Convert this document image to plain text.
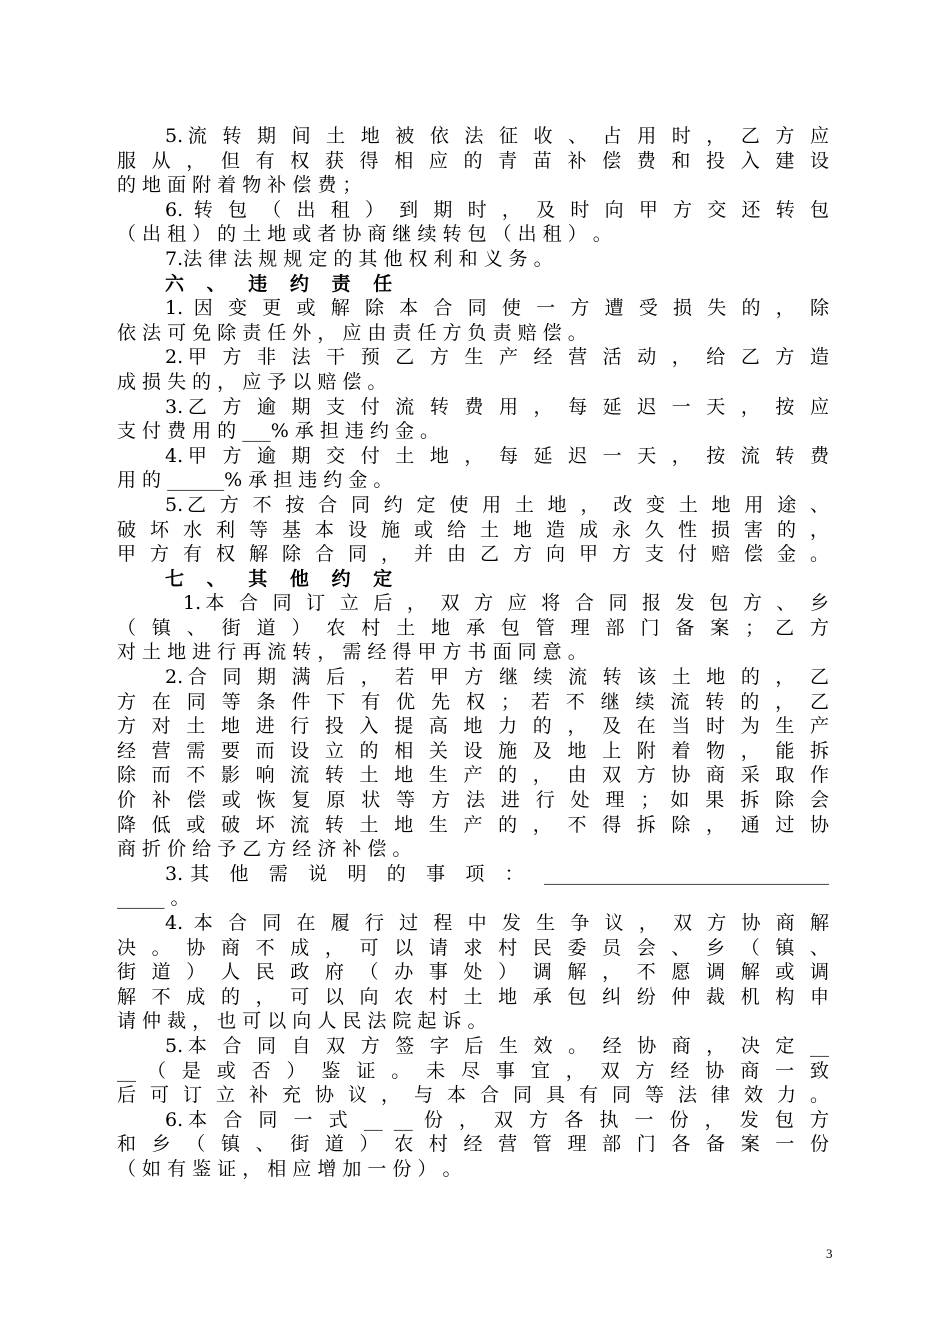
5.流 转 期 间 土 地 被 依 法 征 收 、 占 用 时 ， 乙 方 应
服 从 ， 但 有 权 获 得 相 应 的 青 苗 补 偿 费 和 投 入 建 设
的 地 面 附 着 物 补 偿 费 ；
6. 转 包 （ 出 租 ） 到 期 时 ， 及 时 向 甲 方 交 还 转 包
（ 出 租 ） 的 土 地 或 者 协 商 继 续 转 包 （ 出 租 ） 。
7.法 律 法 规 规 定 的 其 他 权 利 和 义 务 。
六 、 违 约 责 任
1. 因 变 更 或 解 除 本 合 同 使 一 方 遭 受 损 失 的 ， 除
依 法 可 免 除 责 任 外 ， 应 由 责 任 方 负 责 赔 偿 。
2.甲 方 非 法 干 预 乙 方 生 产 经 营 活 动 ， 给 乙 方 造
成 损 失 的 ， 应 予 以 赔 偿 。
3.乙 方 逾 期 支 付 流 转 费 用 ， 每 延 迟 一 天 ， 按 应
支 付 费 用 的 ___% 承 担 违 约 金 。
4.甲 方 逾 期 交 付 土 地 ， 每 延 迟 一 天 ， 按 流 转 费
用 的 ______% 承 担 违 约 金 。
5.乙 方 不 按 合 同 约 定 使 用 土 地 ， 改 变 土 地 用 途 、
破 坏 水 利 等 基 本 设 施 或 给 土 地 造 成 永 久 性 损 害 的 ，
甲 方 有 权 解 除 合 同 ， 并 由 乙 方 向 甲 方 支 付 赔 偿 金 。
七 、 其 他 约 定
1.本 合 同 订 立 后 ， 双 方 应 将 合 同 报 发 包 方 、 乡
（ 镇 、 街 道 ） 农 村 土 地 承 包 管 理 部 门 备 案 ； 乙 方
对 土 地 进 行 再 流 转 ， 需 经 得 甲 方 书 面 同 意 。
2.合 同 期 满 后 ， 若 甲 方 继 续 流 转 该 土 地 的 ， 乙
方 在 同 等 条 件 下 有 优 先 权 ； 若 不 继 续 流 转 的 ， 乙
方 对 土 地 进 行 投 入 提 高 地 力 的 ， 及 在 当 时 为 生 产
经 营 需 要 而 设 立 的 相 关 设 施 及 地 上 附 着 物 ， 能 拆
除 而 不 影 响 流 转 土 地 生 产 的 ， 由 双 方 协 商 采 取 作
价 补 偿 或 恢 复 原 状 等 方 法 进 行 处 理 ； 如 果 拆 除 会
降 低 或 破 坏 流 转 土 地 生 产 的 ， 不 得 拆 除 ， 通 过 协
商 折 价 给 予 乙 方 经 济 补 偿 。
3.其 他 需 说 明 的 事 项 ： ______________________________
_____ 。
4. 本 合 同 在 履 行 过 程 中 发 生 争 议 ， 双 方 协 商 解
决 。 协 商 不 成 ， 可 以 请 求 村 民 委 员 会 、 乡 （ 镇 、
街 道 ） 人 民 政 府 （ 办 事 处 ） 调 解 ， 不 愿 调 解 或 调
解 不 成 的 ， 可 以 向 农 村 土 地 承 包 纠 纷 仲 裁 机 构 申
请 仲 裁 ， 也 可 以 向 人 民 法 院 起 诉 。
5.本 合 同 自 双 方 签 字 后 生 效 。 经 协 商 ， 决 定 __
__ （ 是 或 否 ） 鉴 证 。 未 尽 事 宜 ， 双 方 经 协 商 一 致
后 可 订 立 补 充 协 议 ， 与 本 合 同 具 有 同 等 法 律 效 力 。
6.本 合 同 一 式 __ __ 份 ， 双 方 各 执 一 份 ， 发 包 方
和 乡 （ 镇 、 街 道 ） 农 村 经 营 管 理 部 门 各 备 案 一 份
（ 如 有 鉴 证 ， 相 应 增 加 一 份 ） 。
3
